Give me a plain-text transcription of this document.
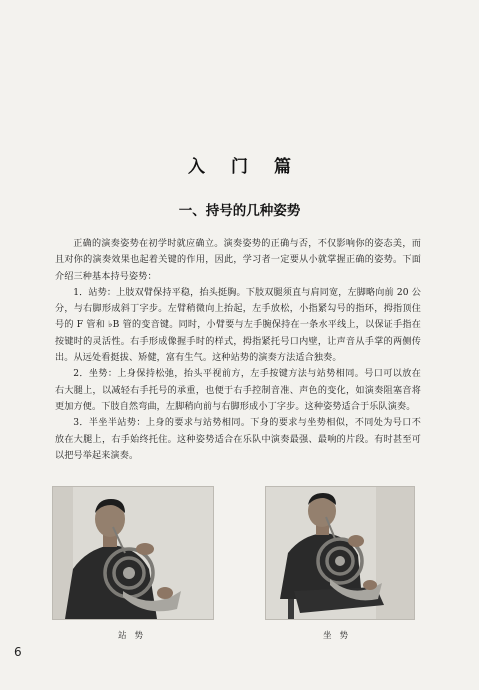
入门篇
一、持号的几种姿势

正确的演奏姿势在初学时就应确立。演奏姿势的正确与否，不仅影响你的姿态美，而且对你的演奏效果也起着关键的作用，因此，学习者一定要从小就掌握正确的姿势。下面介绍三种基本持号姿势：

1．站势：上肢双臂保持平稳，抬头挺胸。下肢双腿须直与肩同宽，左脚略向前 20 公分，与右脚形成斜丁字步。左臂稍微向上抬起，左手放松，小指紧勾号的指环，拇指顶住号的 F 管和 ♭B 管的变音键。同时，小臂要与左手腕保持在一条水平线上，以保证手指在按键时的灵活性。右手形成像握手时的样式，拇指紧托号口内壁，让声音从手掌的两侧传出。从远处看挺拔、矫健，富有生气。这种站势的演奏方法适合独奏。

2．坐势：上身保持松弛，抬头平视前方，左手按键方法与站势相同。号口可以放在右大腿上，以减轻右手托号的承重，也便于右手控制音准、声色的变化，如演奏阻塞音将更加方便。下肢自然弯曲，左脚稍向前与右脚形成小丁字步。这种姿势适合于乐队演奏。

3．半坐半站势：上身的要求与站势相同。下身的要求与坐势相似，不同处为号口不放在大腿上，右手始终托住。这种姿势适合在乐队中演奏最强、最响的片段。有时甚至可以把号举起来演奏。

站势	坐势
6
